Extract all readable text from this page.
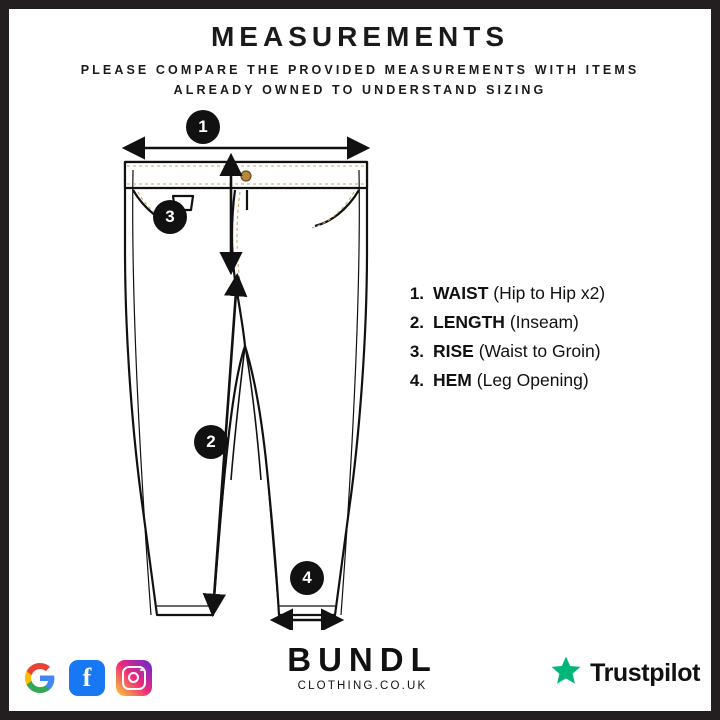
MEASUREMENTS
PLEASE COMPARE THE PROVIDED MEASUREMENTS WITH ITEMS ALREADY OWNED TO UNDERSTAND SIZING
1
3
2
4
1. WAIST (Hip to Hip x2)
2. LENGTH (Inseam)
3. RISE (Waist to Groin)
4. HEM (Leg Opening)
f	BUNDL
CLOTHING.CO.UK	Trustpilot
